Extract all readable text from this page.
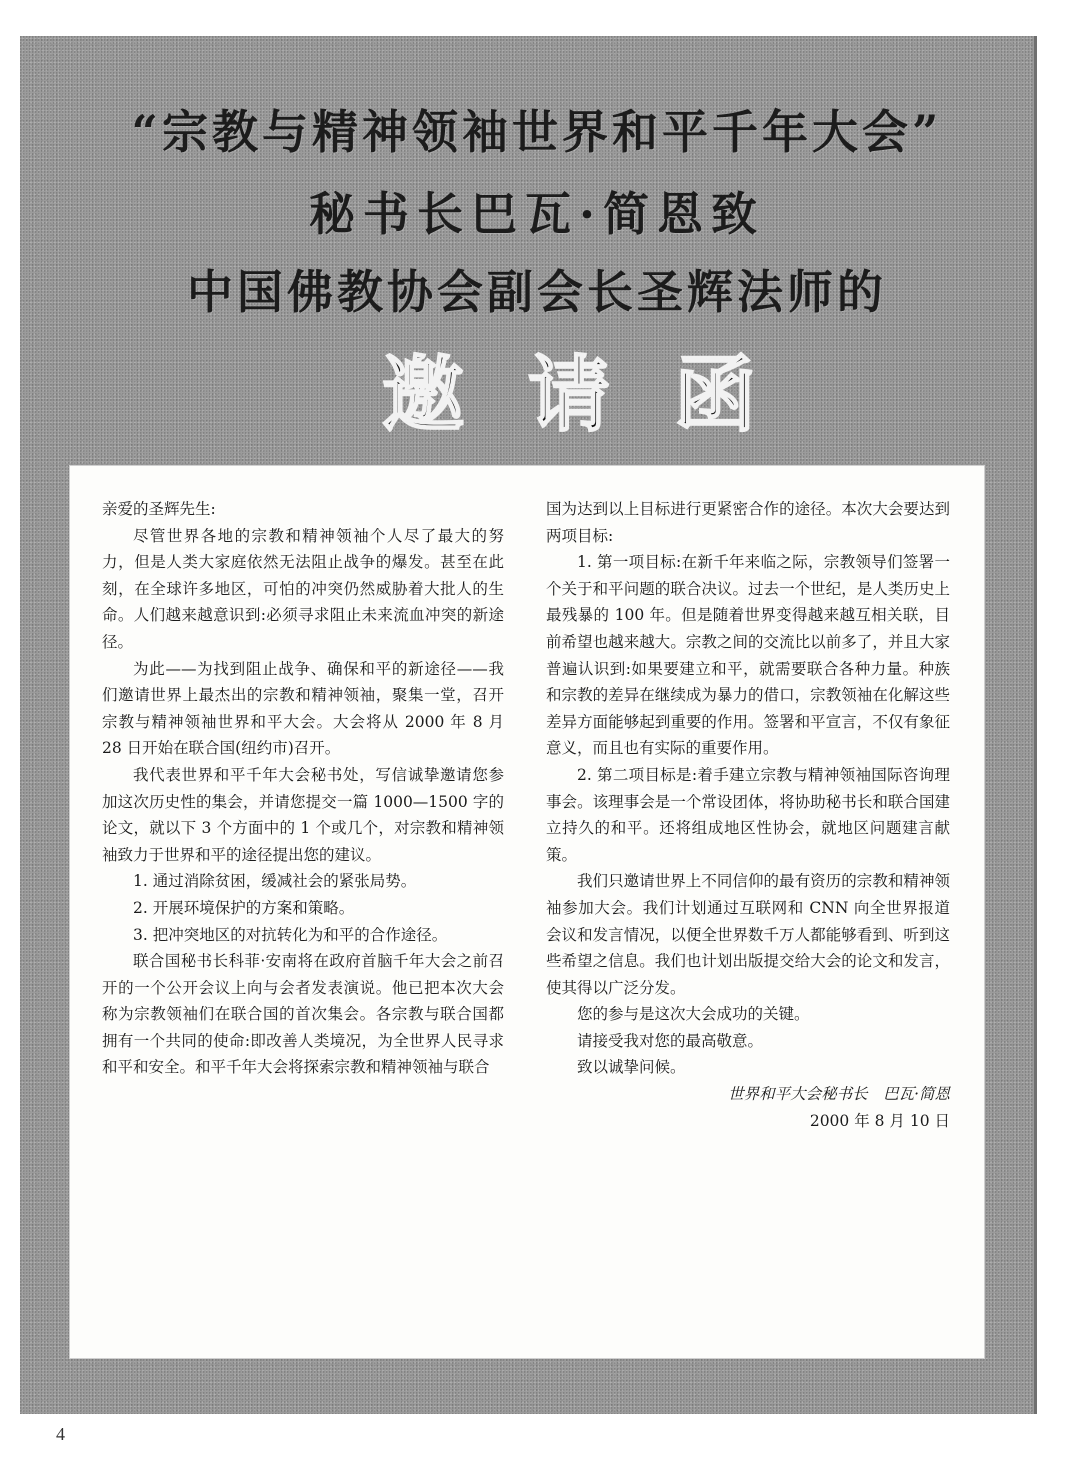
“宗教与精神领袖世界和平千年大会”
秘书长巴瓦·简恩致
中国佛教协会副会长圣辉法师的
邀请函

亲爱的圣辉先生:

尽管世界各地的宗教和精神领袖个人尽了最大的努力，但是人类大家庭依然无法阻止战争的爆发。甚至在此刻，在全球许多地区，可怕的冲突仍然威胁着大批人的生命。人们越来越意识到:必须寻求阻止未来流血冲突的新途径。

为此——为找到阻止战争、确保和平的新途径——我们邀请世界上最杰出的宗教和精神领袖，聚集一堂，召开宗教与精神领袖世界和平大会。大会将从 2000 年 8 月 28 日开始在联合国(纽约市)召开。

我代表世界和平千年大会秘书处，写信诚挚邀请您参加这次历史性的集会，并请您提交一篇 1000—1500 字的论文，就以下 3 个方面中的 1 个或几个，对宗教和精神领袖致力于世界和平的途径提出您的建议。

1. 通过消除贫困，缓减社会的紧张局势。

2. 开展环境保护的方案和策略。

3. 把冲突地区的对抗转化为和平的合作途径。

联合国秘书长科菲·安南将在政府首脑千年大会之前召开的一个公开会议上向与会者发表演说。他已把本次大会称为宗教领袖们在联合国的首次集会。各宗教与联合国都拥有一个共同的使命:即改善人类境况，为全世界人民寻求和平和安全。和平千年大会将探索宗教和精神领袖与联合

国为达到以上目标进行更紧密合作的途径。本次大会要达到两项目标:

1. 第一项目标:在新千年来临之际，宗教领导们签署一个关于和平问题的联合决议。过去一个世纪，是人类历史上最残暴的 100 年。但是随着世界变得越来越互相关联，目前希望也越来越大。宗教之间的交流比以前多了，并且大家普遍认识到:如果要建立和平，就需要联合各种力量。种族和宗教的差异在继续成为暴力的借口，宗教领袖在化解这些差异方面能够起到重要的作用。签署和平宣言，不仅有象征意义，而且也有实际的重要作用。

2. 第二项目标是:着手建立宗教与精神领袖国际咨询理事会。该理事会是一个常设团体，将协助秘书长和联合国建立持久的和平。还将组成地区性协会，就地区问题建言献策。

我们只邀请世界上不同信仰的最有资历的宗教和精神领袖参加大会。我们计划通过互联网和 CNN 向全世界报道会议和发言情况，以便全世界数千万人都能够看到、听到这些希望之信息。我们也计划出版提交给大会的论文和发言，使其得以广泛分发。

您的参与是这次大会成功的关键。

请接受我对您的最高敬意。

致以诚挚问候。

世界和平大会秘书长　巴瓦·简恩

2000 年 8 月 10 日

4
